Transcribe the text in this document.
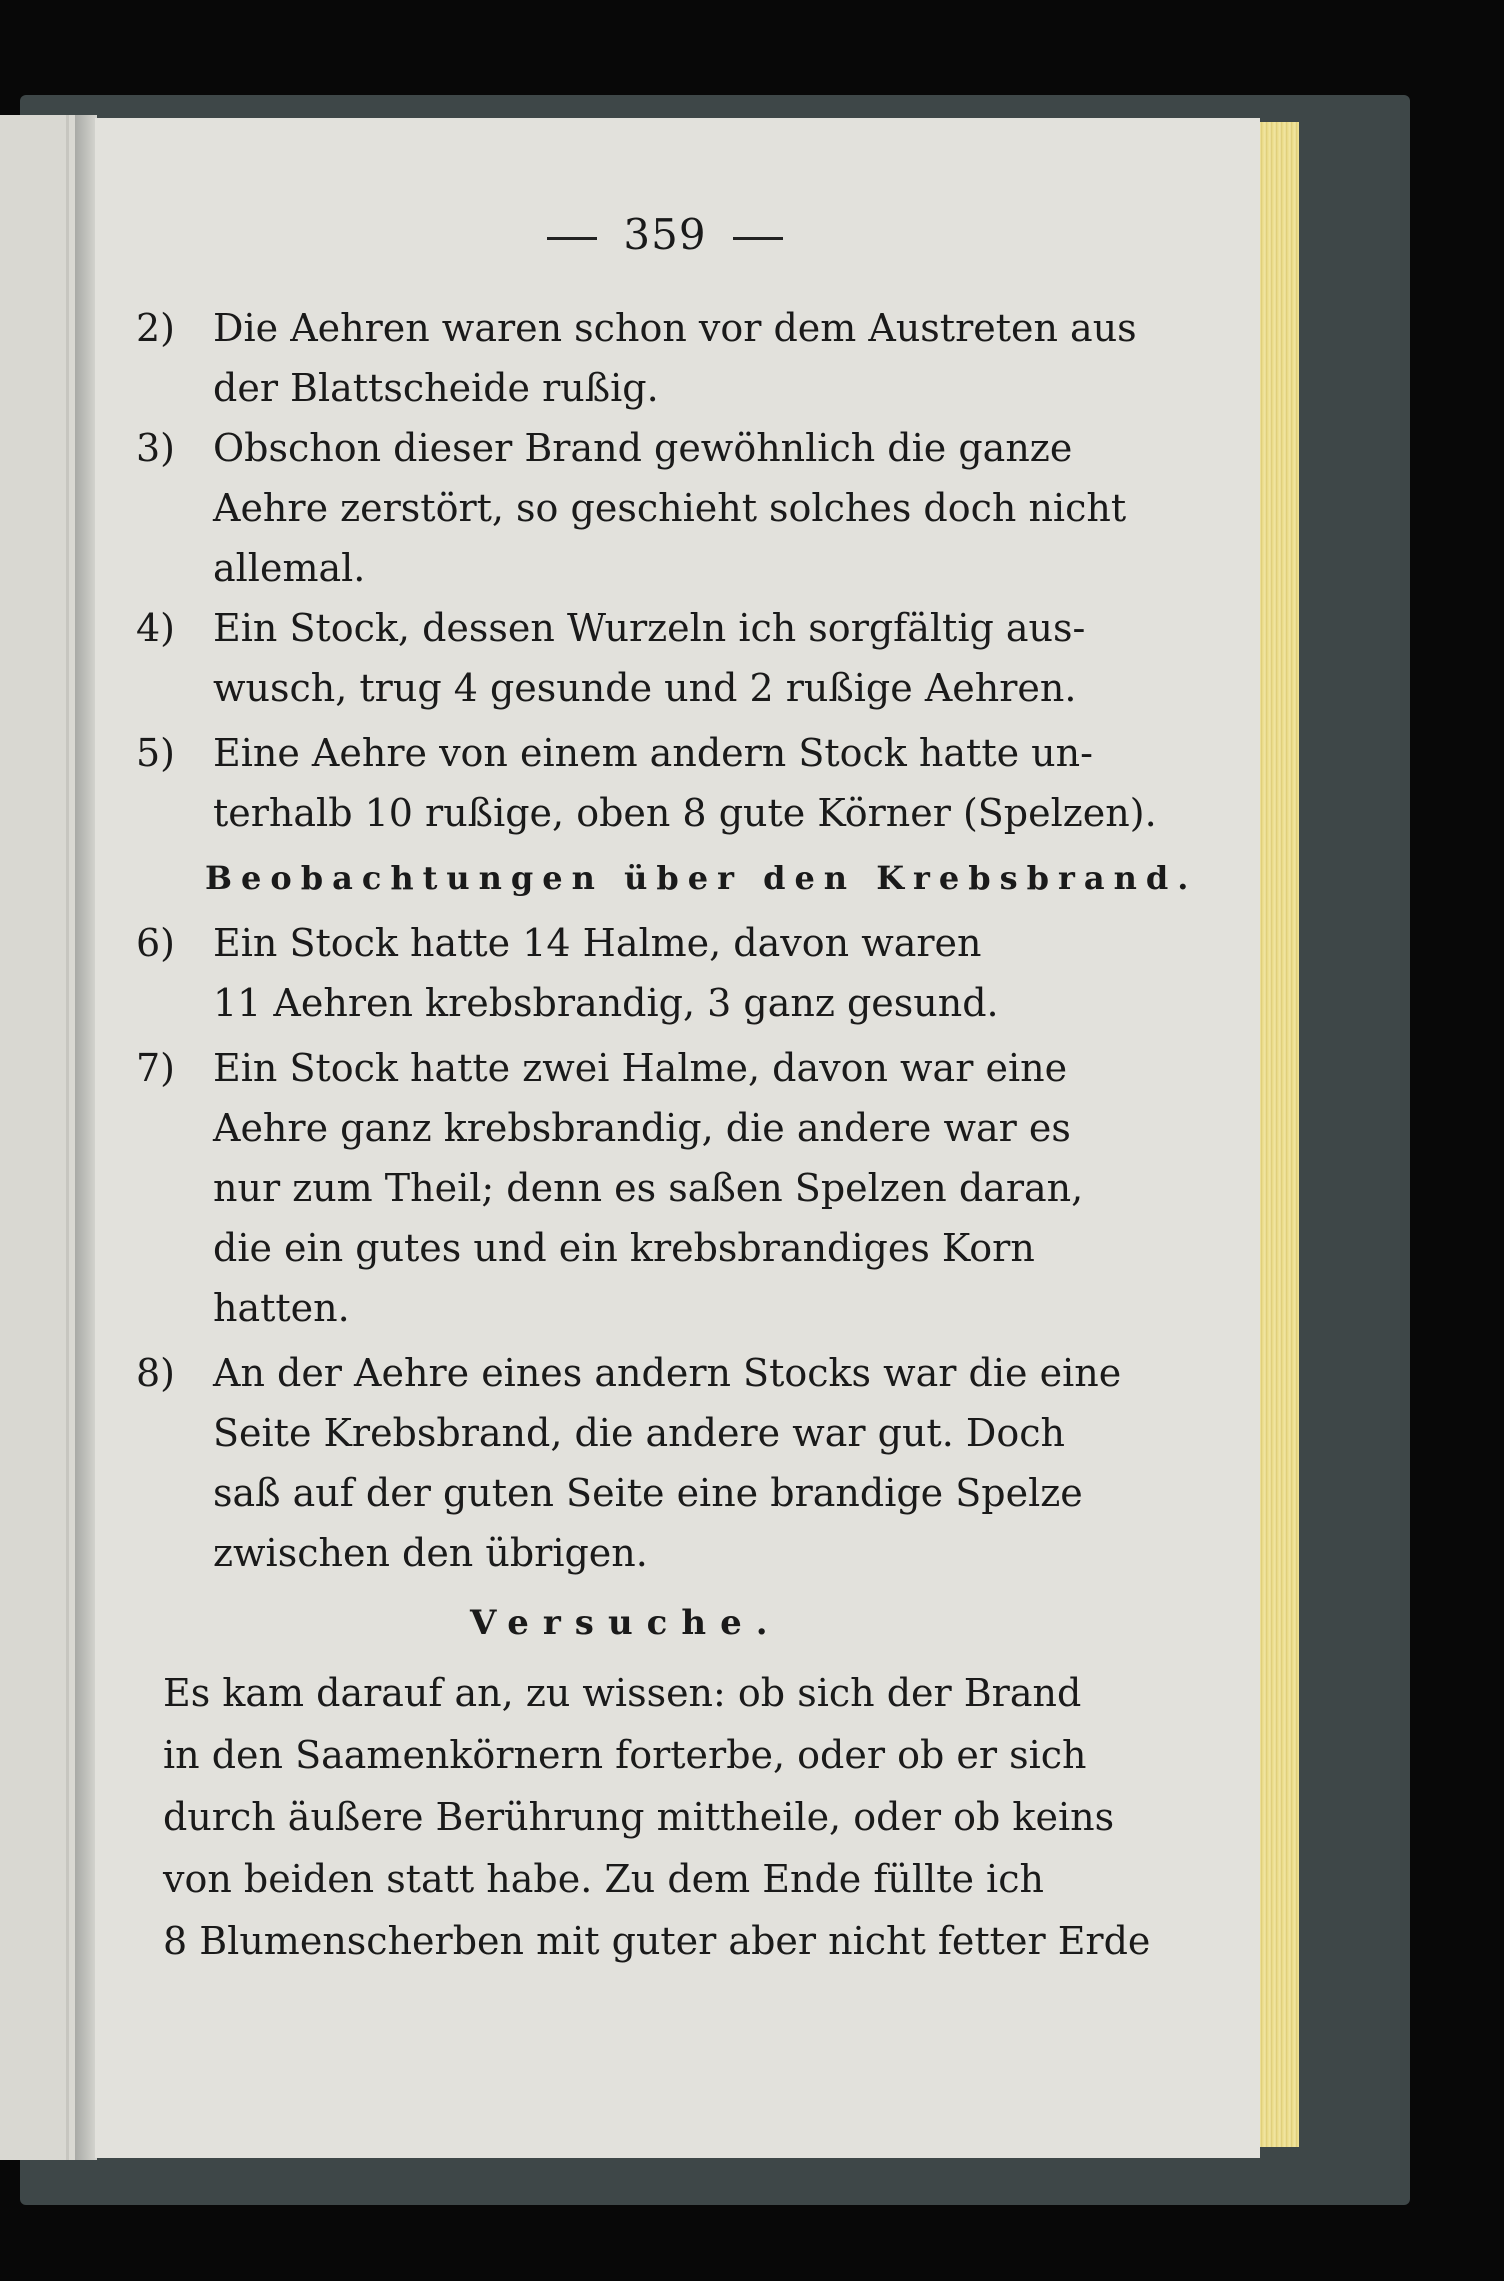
359
2) Die Aehren waren schon vor dem Austreten aus
der Blattscheide rußig.
3) Obschon dieser Brand gewöhnlich die ganze
Aehre zerstört, so geschieht solches doch nicht
allemal.
4) Ein Stock, dessen Wurzeln ich sorgfältig aus-
wusch, trug 4 gesunde und 2 rußige Aehren.
5) Eine Aehre von einem andern Stock hatte un-
terhalb 10 rußige, oben 8 gute Körner (Spelzen).
Beobachtungen über den Krebsbrand.
6) Ein Stock hatte 14 Halme, davon waren
11 Aehren krebsbrandig, 3 ganz gesund.
7) Ein Stock hatte zwei Halme, davon war eine
Aehre ganz krebsbrandig, die andere war es
nur zum Theil; denn es saßen Spelzen daran,
die ein gutes und ein krebsbrandiges Korn
hatten.
8) An der Aehre eines andern Stocks war die eine
Seite Krebsbrand, die andere war gut. Doch
saß auf der guten Seite eine brandige Spelze
zwischen den übrigen.
Versuche.
Es kam darauf an, zu wissen: ob sich der Brand
in den Saamenkörnern forterbe, oder ob er sich
durch äußere Berührung mittheile, oder ob keins
von beiden statt habe. Zu dem Ende füllte ich
8 Blumenscherben mit guter aber nicht fetter Erde
